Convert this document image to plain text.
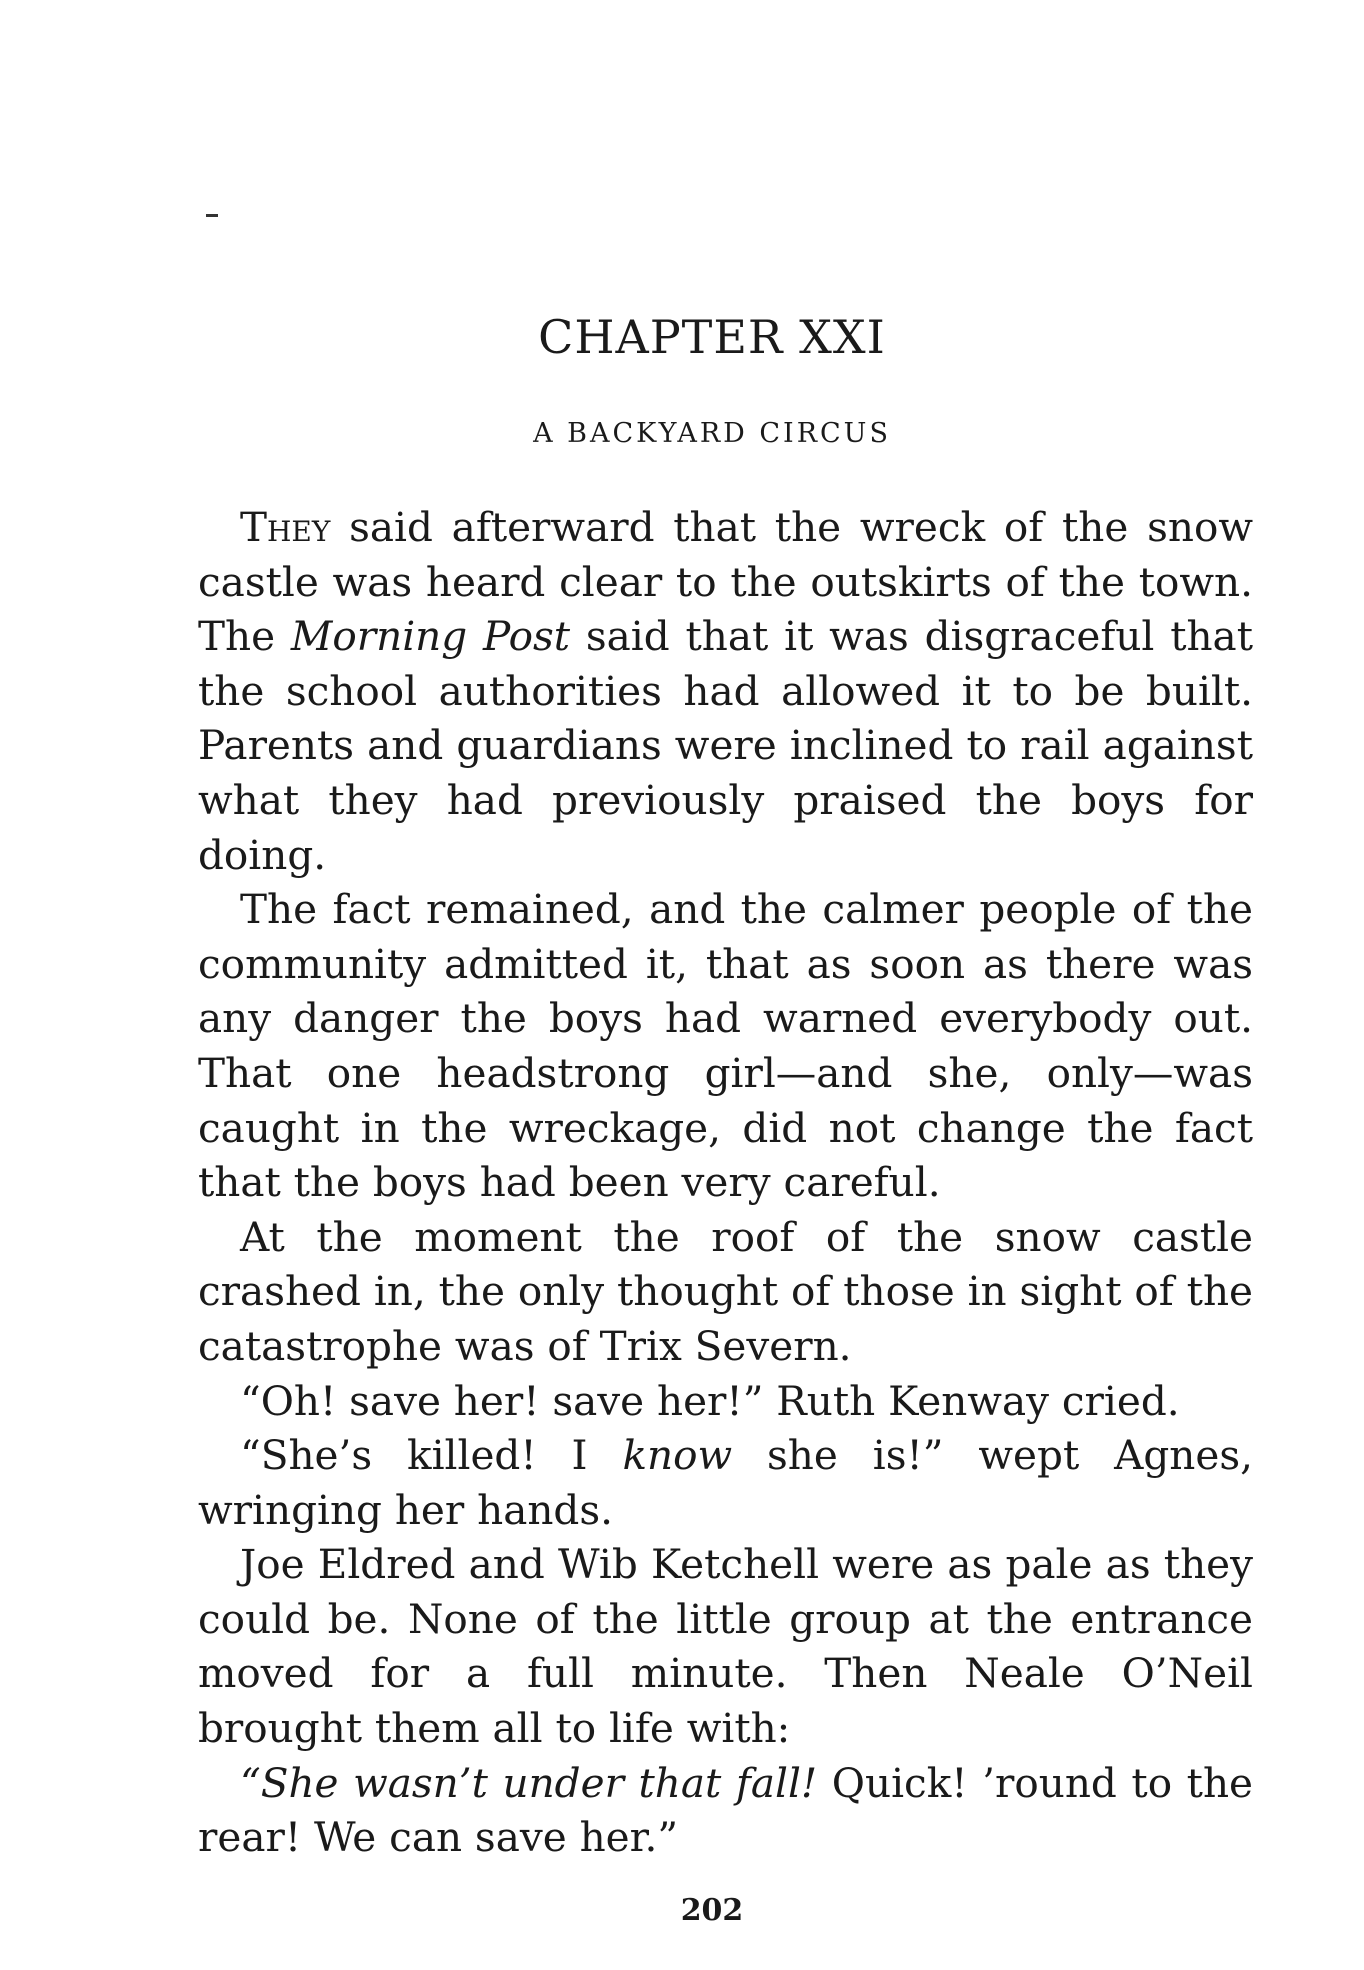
CHAPTER XXI
A BACKYARD CIRCUS

They said afterward that the wreck of the snow castle was heard clear to the outskirts of the town. The Morning Post said that it was disgraceful that the school authorities had allowed it to be built. Parents and guardians were inclined to rail against what they had previously praised the boys for doing.

The fact remained, and the calmer people of the community admitted it, that as soon as there was any danger the boys had warned everybody out. That one headstrong girl—and she, only—was caught in the wreckage, did not change the fact that the boys had been very careful.

At the moment the roof of the snow castle crashed in, the only thought of those in sight of the catastrophe was of Trix Severn.

“Oh! save her! save her!” Ruth Kenway cried.

“She’s killed! I know she is!” wept Agnes, wringing her hands.

Joe Eldred and Wib Ketchell were as pale as they could be. None of the little group at the entrance moved for a full minute. Then Neale O’Neil brought them all to life with:

“She wasn’t under that fall! Quick! ’round to the rear! We can save her.”

202
